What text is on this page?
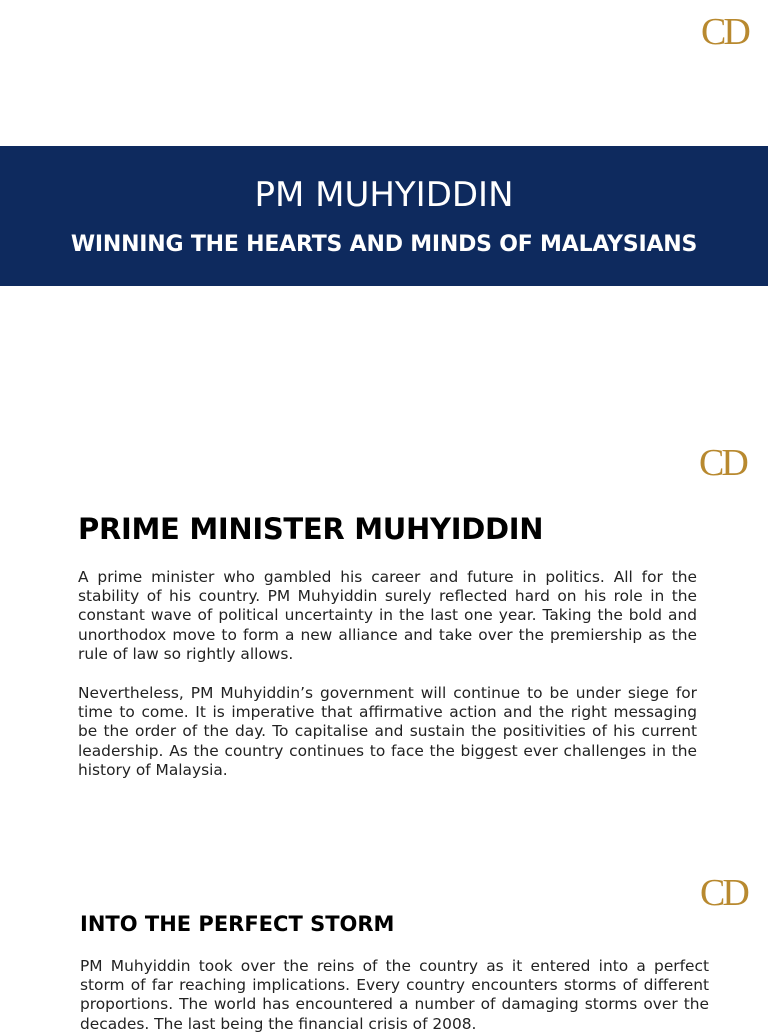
CD
PM MUHYIDDIN
WINNING THE HEARTS AND MINDS OF MALAYSIANS
CD
PRIME MINISTER MUHYIDDIN

A prime minister who gambled his career and future in politics. All for the stability of his country. PM Muhyiddin surely reflected hard on his role in the constant wave of political uncertainty in the last one year. Taking the bold and unorthodox move to form a new alliance and take over the premiership as the rule of law so rightly allows.

Nevertheless, PM Muhyiddin’s government will continue to be under siege for time to come. It is imperative that affirmative action and the right messaging be the order of the day. To capitalise and sustain the positivities of his current leadership. As the country continues to face the biggest ever challenges in the history of Malaysia.

CD
INTO THE PERFECT STORM

PM Muhyiddin took over the reins of the country as it entered into a perfect storm of far reaching implications. Every country encounters storms of different proportions. The world has encountered a number of damaging storms over the decades. The last being the financial crisis of 2008.
